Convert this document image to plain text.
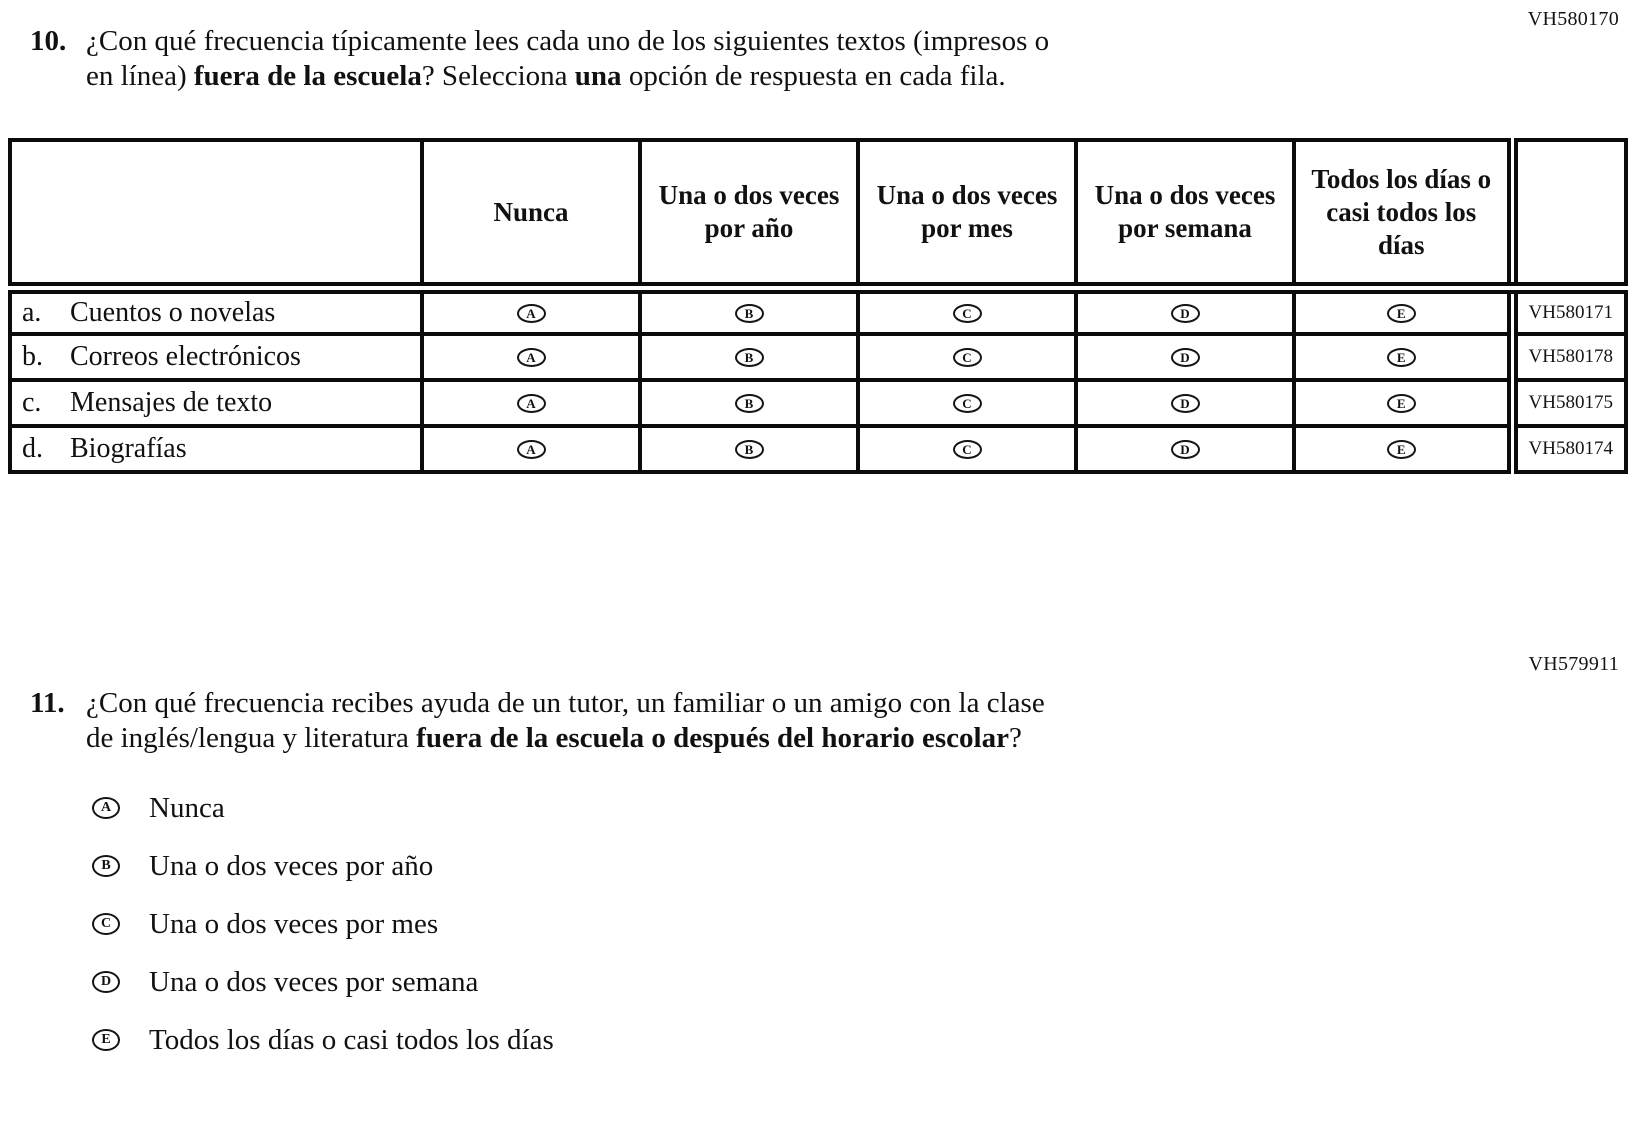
VH580170
10. ¿Con qué frecuencia típicamente lees cada uno de los siguientes textos (impresos o
en línea) fuera de la escuela? Selecciona una opción de respuesta en cada fila.
	Nunca	Una o dos veces por año	Una o dos veces por mes	Una o dos veces por semana	Todos los días o casi todos los días	
a. Cuentos o novelas	A	B	C	D	E	VH580171
b. Correos electrónicos	A	B	C	D	E	VH580178
c. Mensajes de texto	A	B	C	D	E	VH580175
d. Biografías	A	B	C	D	E	VH580174
VH579911
11. ¿Con qué frecuencia recibes ayuda de un tutor, un familiar o un amigo con la clase
de inglés/lengua y literatura fuera de la escuela o después del horario escolar?
A	Nunca
B	Una o dos veces por año
C	Una o dos veces por mes
D	Una o dos veces por semana
E	Todos los días o casi todos los días
